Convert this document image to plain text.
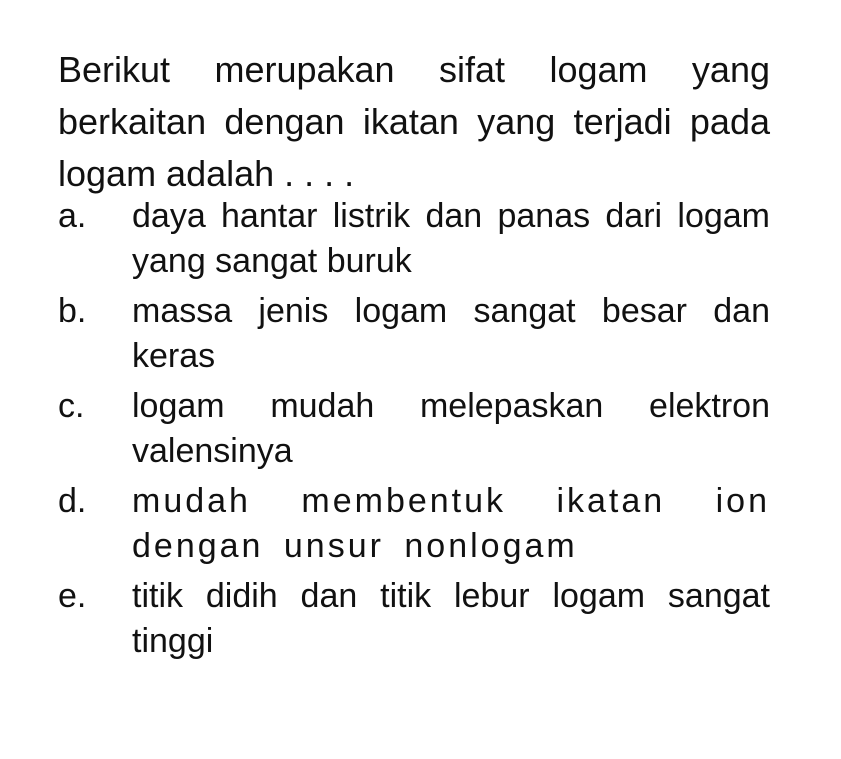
Berikut merupakan sifat logam yang berkaitan dengan ikatan yang terjadi pada logam adalah . . . .
a.	daya hantar listrik dan panas dari logam yang sangat buruk
b.	massa jenis logam sangat besar dan keras
c.	logam mudah melepaskan elektron valensinya
d.	mudah membentuk ikatan ion dengan unsur nonlogam
e.	titik didih dan titik lebur logam sangat tinggi
